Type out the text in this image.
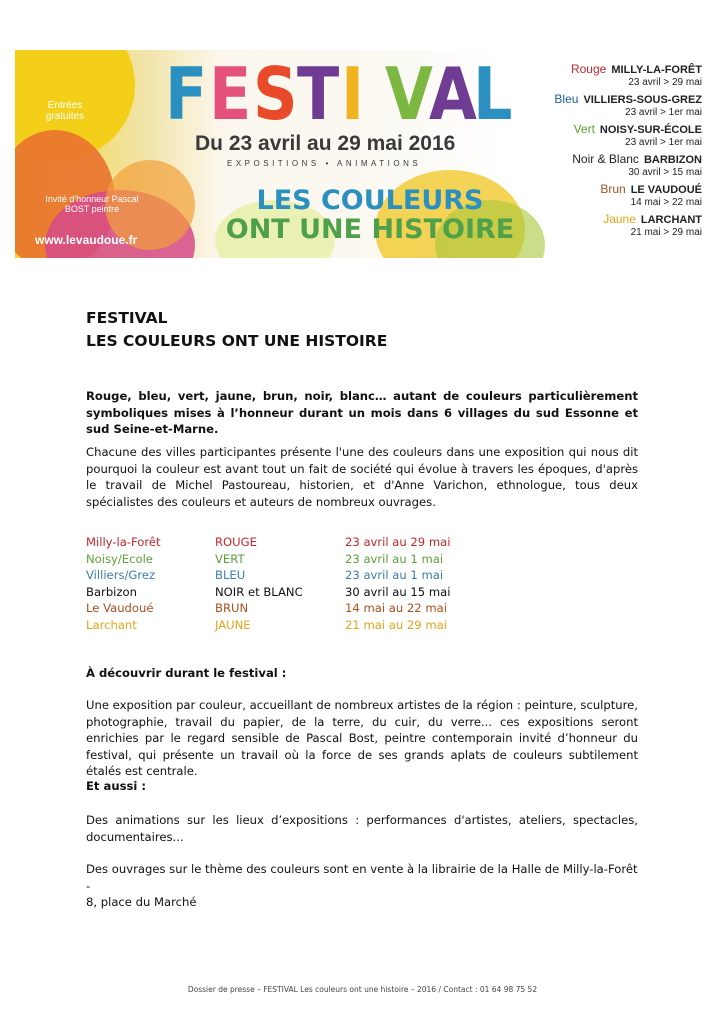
Entrées gratuites
Invité d'honneur Pascal BOST peintre
www.levaudoue.fr
F E S
T I V
A
L
Du 23 avril au 29 mai 2016
EXPOSITIONS • ANIMATIONS
LES COULEURS
ONT UNE HISTOIRE
Rouge MILLY-LA-FORÊT
23 avril > 29 mai
Bleu VILLIERS-SOUS-GREZ
23 avril > 1er mai
Vert NOISY-SUR-ÉCOLE
23 avril > 1er mai
Noir & Blanc BARBIZON
30 avril > 15 mai
Brun LE VAUDOUÉ
14 mai > 22 mai
Jaune LARCHANT
21 mai > 29 mai
FESTIVAL
LES COULEURS ONT UNE HISTOIRE
Rouge, bleu, vert, jaune, brun, noir, blanc… autant de couleurs particulièrement symboliques mises à l’honneur durant un mois dans 6 villages du sud Essonne et sud Seine-et-Marne.
Chacune des villes participantes présente l'une des couleurs dans une exposition qui nous dit pourquoi la couleur est avant tout un fait de société qui évolue à travers les époques, d'après le travail de Michel Pastoureau, historien, et d'Anne Varichon, ethnologue, tous deux spécialistes des couleurs et auteurs de nombreux ouvrages.
Milly-la-Forêt	ROUGE	23 avril au 29 mai
Noisy/Ecole	VERT	23 avril au 1 mai
Villiers/Grez	BLEU	23 avril au 1 mai
Barbizon	NOIR et BLANC	30 avril au 15 mai
Le Vaudoué	BRUN	14 mai au 22 mai
Larchant	JAUNE	21 mai au 29 mai
À découvrir durant le festival :
Une exposition par couleur, accueillant de nombreux artistes de la région : peinture, sculpture, photographie, travail du papier, de la terre, du cuir, du verre... ces expositions seront enrichies par le regard sensible de Pascal Bost, peintre contemporain invité d’honneur du festival, qui présente un travail où la force de ses grands aplats de couleurs subtilement étalés est centrale.
Et aussi :
Des animations sur les lieux d’expositions : performances d'artistes, ateliers, spectacles, documentaires...
Des ouvrages sur le thème des couleurs sont en vente à la librairie de la Halle de Milly-la-Forêt -
8, place du Marché
Dossier de presse – FESTIVAL Les couleurs ont une histoire – 2016 / Contact : 01 64 98 75 52
